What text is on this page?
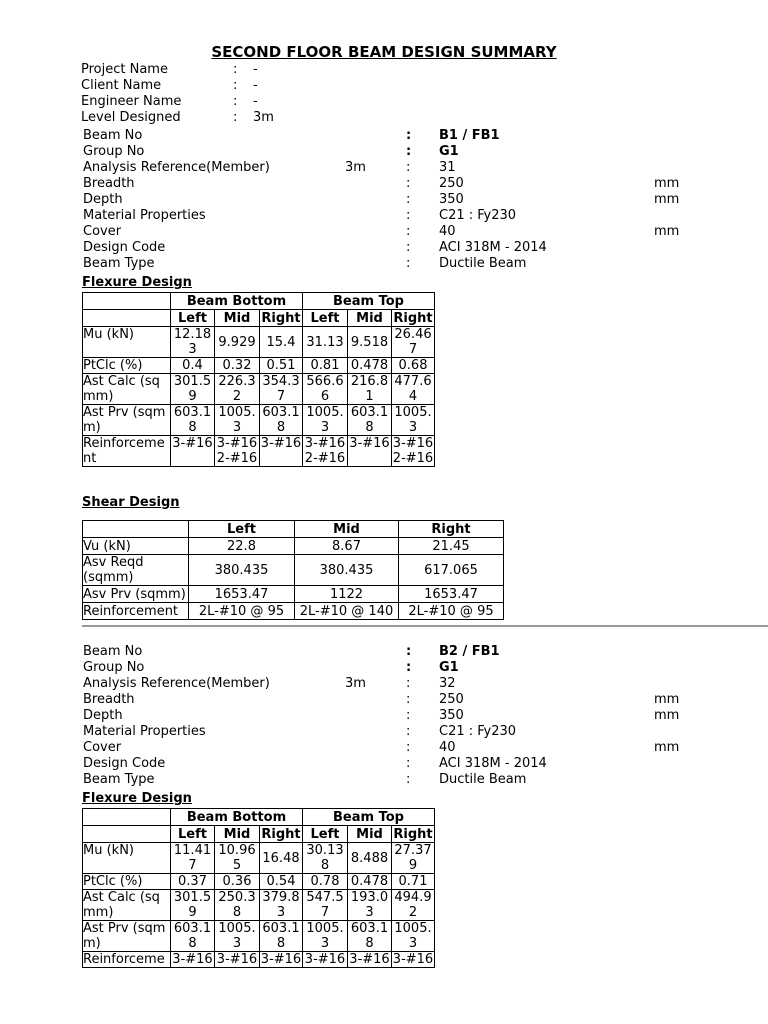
SECOND FLOOR BEAM DESIGN SUMMARY
Project Name	:	-
Client Name	:	-
Engineer Name	:	-
Level Designed	:	3m
Beam No	: B1 / FB1
Group No	: G1
Analysis Reference(Member)	3m	: 31
Breadth	: 250	mm
Depth	: 350	mm
Material Properties	: C21 : Fy230
Cover	: 40	mm
Design Code	: ACI 318M - 2014
Beam Type	: Ductile Beam
Flexure Design
	Beam Bottom			Beam Top		
	Left	Mid	Right	Left	Mid	Right
Mu (kN)	12.183	9.929	15.4	31.13	9.518	26.467
PtClc (%)	0.4	0.32	0.51	0.81	0.478	0.68
Ast Calc (sqmm)	301.59	226.32	354.37	566.66	216.81	477.64
Ast Prv (sqmm)	603.18	1005.3	603.18	1005.3	603.18	1005.3
Reinforcement	3-#16	3-#16 2-#16	3-#16	3-#16 2-#16	3-#16	3-#16 2-#16
Shear Design
	Left	Mid	Right
Vu (kN)	22.8	8.67	21.45
Asv Reqd (sqmm)	380.435	380.435	617.065
Asv Prv (sqmm)	1653.47	1122	1653.47
Reinforcement	2L-#10 @ 95	2L-#10 @ 140	2L-#10 @ 95
Beam No	: B2 / FB1
Group No	: G1
Analysis Reference(Member)	3m	: 32
Breadth	: 250	mm
Depth	: 350	mm
Material Properties	: C21 : Fy230
Cover	: 40	mm
Design Code	: ACI 318M - 2014
Beam Type	: Ductile Beam
Flexure Design
	Beam Bottom			Beam Top		
	Left	Mid	Right	Left	Mid	Right
Mu (kN)	11.417	10.965	16.48	30.138	8.488	27.379
PtClc (%)	0.37	0.36	0.54	0.78	0.478	0.71
Ast Calc (sqmm)	301.59	250.38	379.83	547.57	193.03	494.92
Ast Prv (sqmm)	603.18	1005.3	603.18	1005.3	603.18	1005.3
Reinforceme	3-#16	3-#16	3-#16	3-#16	3-#16	3-#16
